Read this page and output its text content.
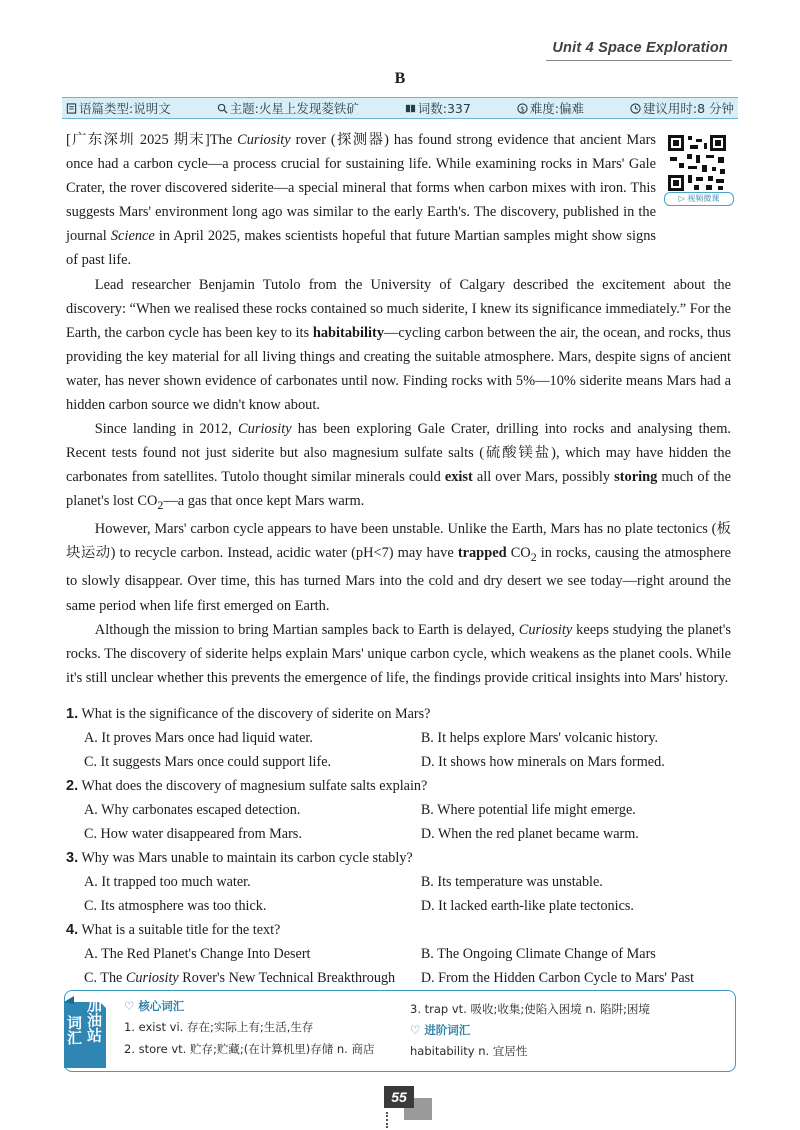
Unit 4 Space Exploration
B
语篇类型:说明文	主题:火星上发现菱铁矿	词数:337	$ 难度:偏难	建议用时:8 分钟
▷ 视频微课

[广东深圳 2025 期末]The Curiosity rover (探测器) has found strong evidence that ancient Mars once had a carbon cycle—a process crucial for sustaining life. While examining rocks in Mars' Gale Crater, the rover discovered siderite—a special mineral that forms when carbon mixes with iron. This suggests Mars' environment long ago was similar to the early Earth's. The discovery, published in the journal Science in April 2025, makes scientists hopeful that future Martian samples might show signs of past life.

Lead researcher Benjamin Tutolo from the University of Calgary described the excitement about the discovery: “When we realised these rocks contained so much siderite, I knew its significance immediately.” For the Earth, the carbon cycle has been key to its habitability—cycling carbon between the air, the ocean, and rocks, thus providing the key material for all living things and creating the suitable atmosphere. Mars, despite signs of ancient water, has never shown evidence of carbonates until now. Finding rocks with 5%—10% siderite means Mars had a hidden carbon source we didn't know about.

Since landing in 2012, Curiosity has been exploring Gale Crater, drilling into rocks and analysing them. Recent tests found not just siderite but also magnesium sulfate salts (硫酸镁盐), which may have hidden the carbonates from satellites. Tutolo thought similar minerals could exist all over Mars, possibly storing much of the planet's lost $CO_2—a$ gas that once kept Mars warm.

However, Mars' carbon cycle appears to have been unstable. Unlike the Earth, Mars has no plate tectonics (板块运动) to recycle carbon. Instead, acidic water (pH<7) may have trapped $CO_2$ in rocks, causing the atmosphere to slowly disappear. Over time, this has turned Mars into the cold and dry desert we see today—right around the same period when life first emerged on Earth.

Although the mission to bring Martian samples back to Earth is delayed, Curiosity keeps studying the planet's rocks. The discovery of siderite helps explain Mars' unique carbon cycle, which weakens as the planet cools. While it's still unclear whether this prevents the emergence of life, the findings provide critical insights into Mars' history.

1. What is the significance of the discovery of siderite on Mars?
A. It proves Mars once had liquid water.	B. It helps explore Mars' volcanic history.
C. It suggests Mars once could support life.	D. It shows how minerals on Mars formed.
2. What does the discovery of magnesium sulfate salts explain?
A. Why carbonates escaped detection.	B. Where potential life might emerge.
C. How water disappeared from Mars.	D. When the red planet became warm.
3. Why was Mars unable to maintain its carbon cycle stably?
A. It trapped too much water.	B. Its temperature was unstable.
C. Its atmosphere was too thick.	D. It lacked earth-like plate tectonics.
4. What is a suitable title for the text?
A. The Red Planet's Change Into Desert	B. The Ongoing Climate Change of Mars
C. The Curiosity Rover's New Technical Breakthrough	D. From the Hidden Carbon Cycle to Mars' Past
词汇 加油站 ♡ 核心词汇
1. exist vi. 存在;实际上有;生活,生存
2. store vt. 贮存;贮藏;(在计算机里)存储 n. 商店
3. trap vt. 吸收;收集;使陷入困境 n. 陷阱;困境
♡ 进阶词汇
habitability n. 宜居性
55
